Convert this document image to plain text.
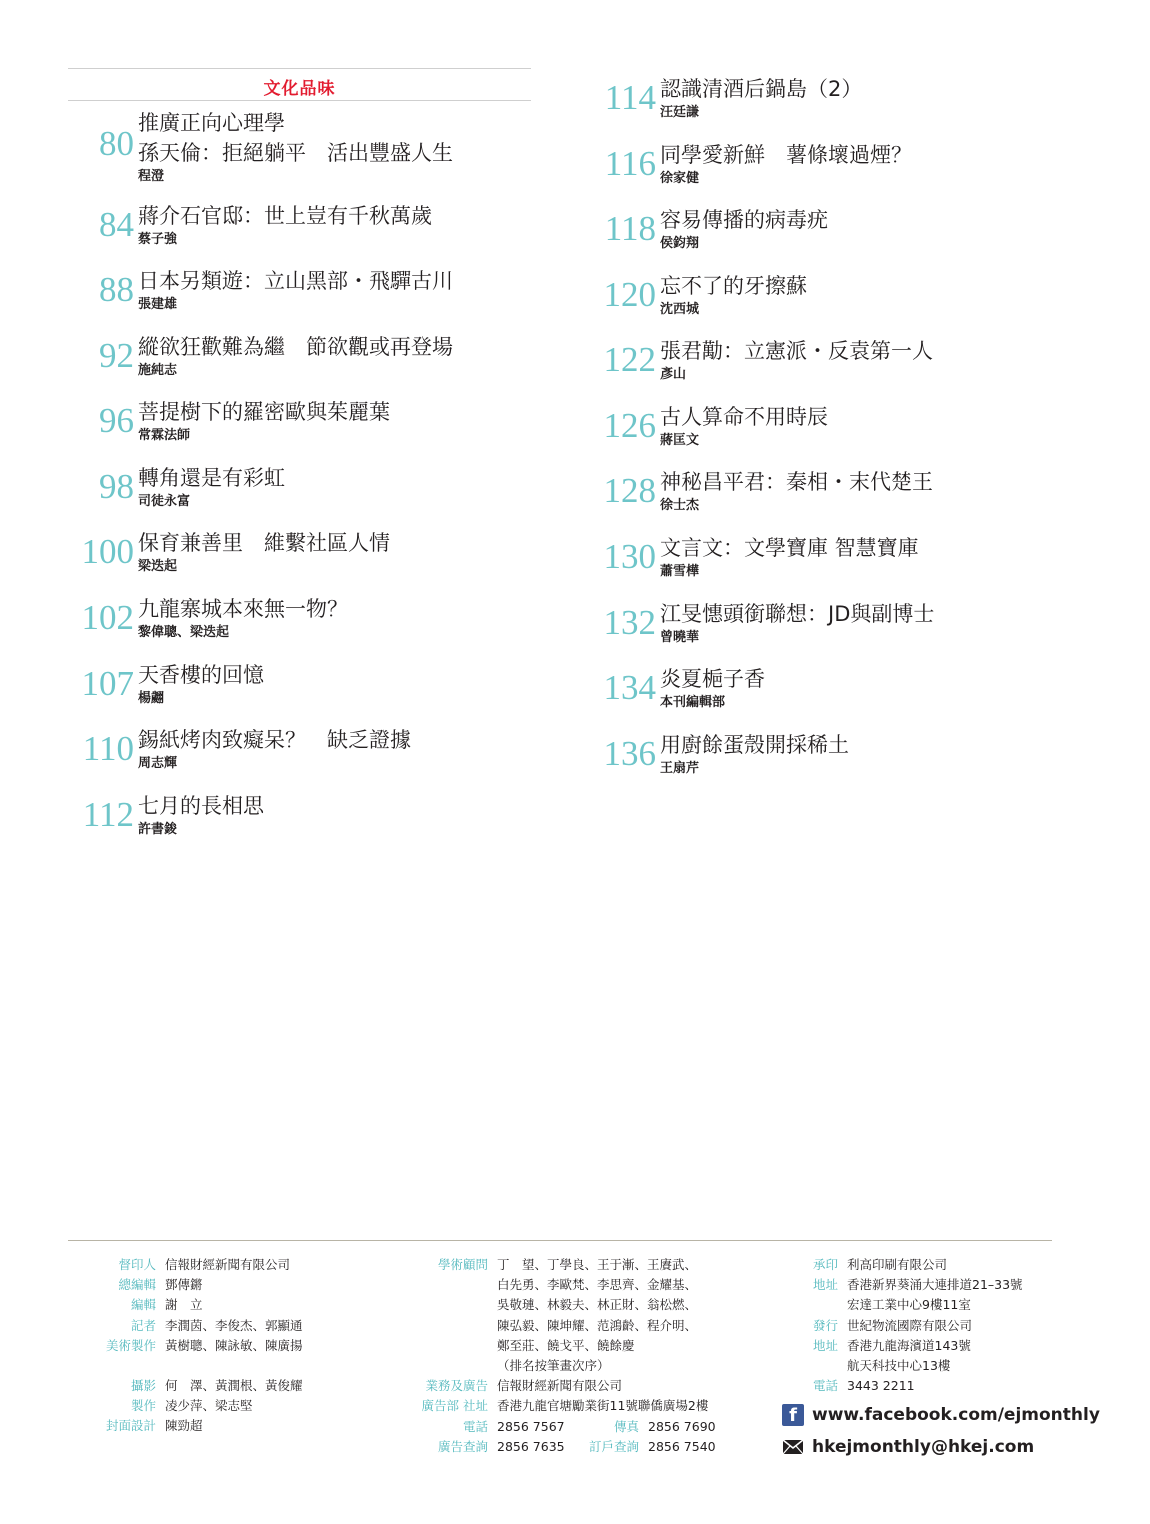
文化品味
推廣正向心理學
孫天倫：拒絕躺平　活出豐盛人生
程澄
80
蔣介石官邸：世上豈有千秋萬歲
蔡子強
84
日本另類遊：立山黑部・飛驒古川
張建雄
88
縱欲狂歡難為繼　節欲觀或再登場
施純志
92
菩提樹下的羅密歐與茱麗葉
常霖法師
96
轉角還是有彩虹
司徒永富
98
保育兼善里　維繫社區人情
梁迭起
100
九龍寨城本來無一物？
黎偉聰、梁迭起
102
天香樓的回憶
楊翽
107
錫紙烤肉致癡呆？　缺乏證據
周志輝
110
七月的長相思
許書鋑
112
認識清酒后鍋島（2）
汪廷謙
114
同學愛新鮮　薯條壞過煙？
徐家健
116
容易傳播的病毒疣
侯鈞翔
118
忘不了的牙擦蘇
沈西城
120
張君勱：立憲派・反袁第一人
彥山
122
古人算命不用時辰
蔣匡文
126
神秘昌平君：秦相・末代楚王
徐士杰
128
文言文：文學寶庫 智慧寶庫
蕭雪樺
130
江旻憓頭銜聯想：JD與副博士
曾曉華
132
炎夏梔子香
本刊編輯部
134
用廚餘蛋殼開採稀土
王扇芹
136
督印人 信報財經新聞有限公司
總編輯 鄧傳鏘
編輯 謝　立
記者 李潤茵、李俊杰、郭顯通
美術製作 黃樹聰、陳詠敏、陳廣揚
攝影 何　澤、黃潤根、黃俊耀
製作 凌少萍、梁志堅
封面設計 陳勁超
學術顧問 丁　望、丁學良、王于漸、王賡武、
白先勇、李歐梵、李思齊、金耀基、
吳敬璉、林毅夫、林正財、翁松燃、
陳弘毅、陳坤耀、范鴻齡、程介明、
鄭至莊、饒戈平、饒餘慶
（排名按筆畫次序）
業務及廣告 信報財經新聞有限公司
廣告部 社址 香港九龍官塘勵業街11號聯僑廣場2樓
電話 2856 7567	傳真 2856 7690
廣告查詢 2856 7635	訂戶查詢 2856 7540
承印 利高印刷有限公司
地址 香港新界葵涌大連排道21–33號
宏達工業中心9樓11室
發行 世紀物流國際有限公司
地址 香港九龍海濱道143號
航天科技中心13樓
電話 3443 2211
f www.facebook.com/ejmonthly
hkejmonthly@hkej.com
